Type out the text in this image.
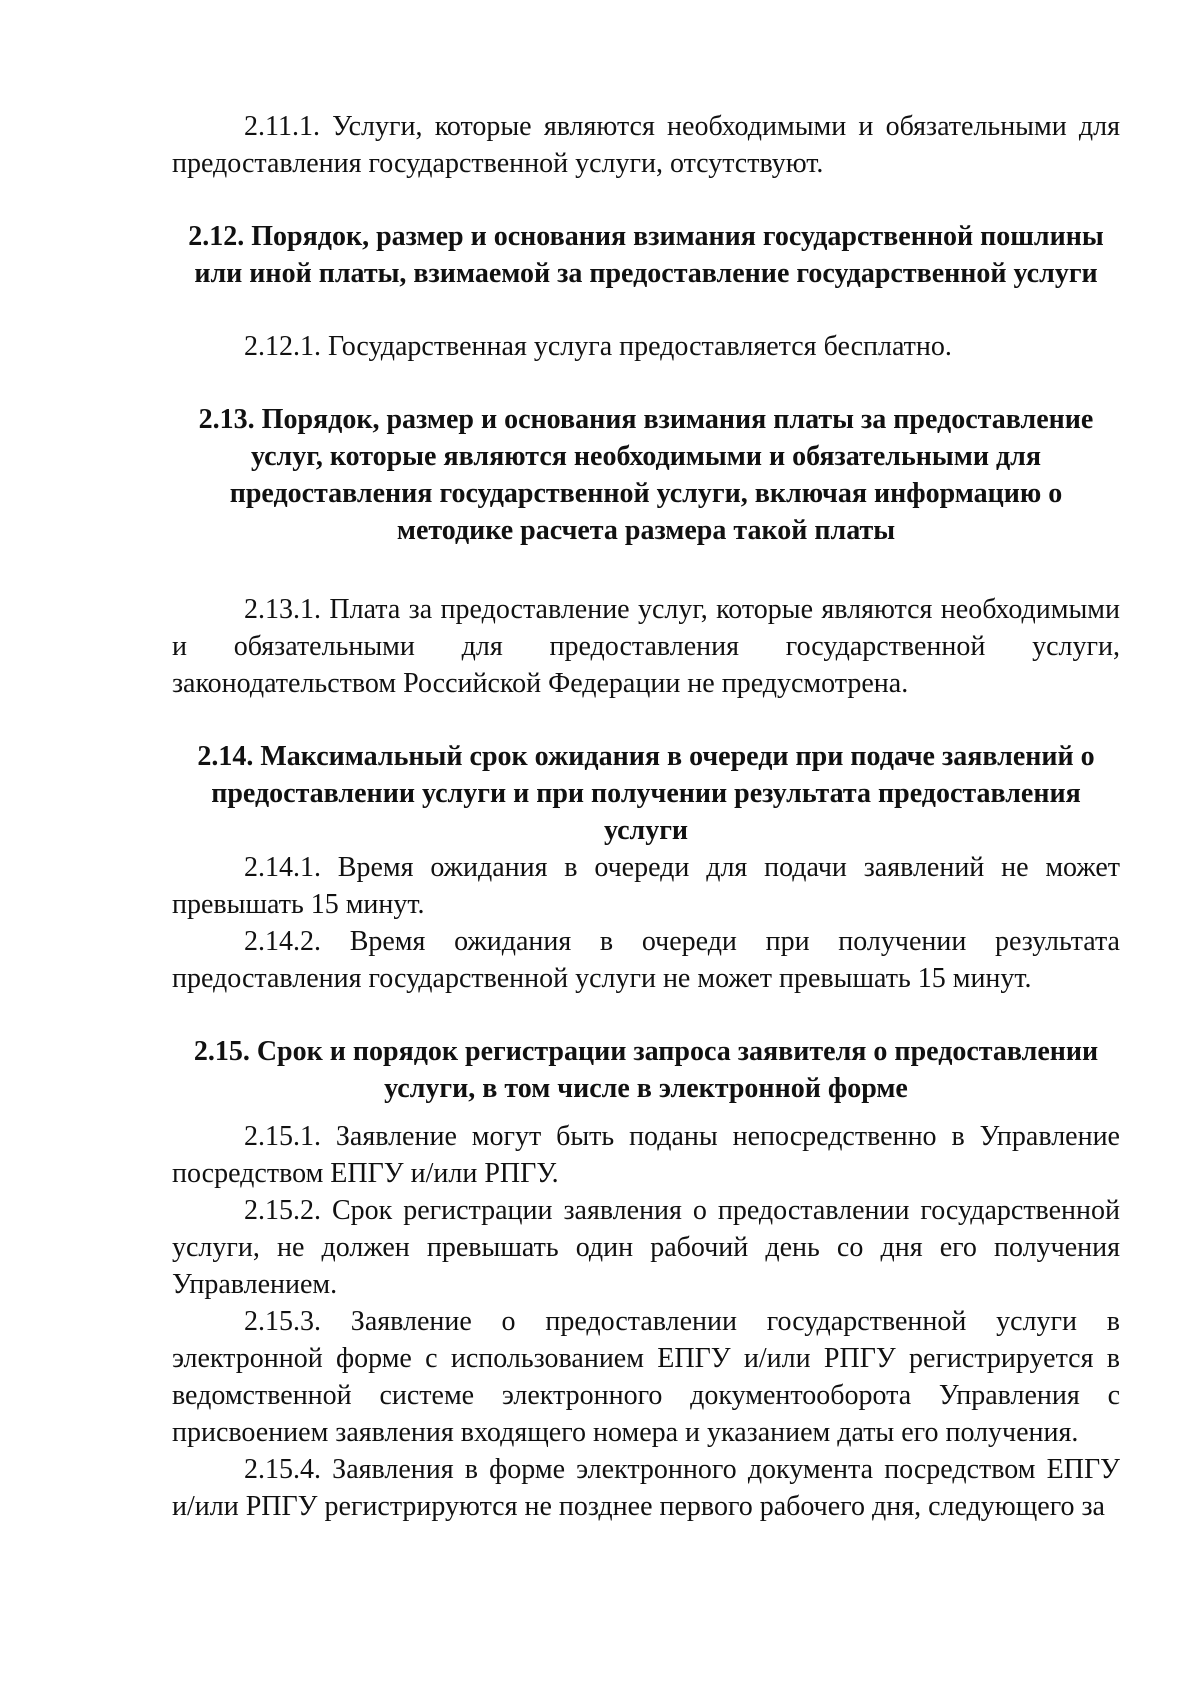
2.11.1. Услуги, которые являются необходимыми и обязательными для предоставления государственной услуги, отсутствуют.

2.12. Порядок, размер и основания взимания государственной пошлины или иной платы, взимаемой за предоставление государственной услуги

2.12.1. Государственная услуга предоставляется бесплатно.

2.13. Порядок, размер и основания взимания платы за предоставление услуг, которые являются необходимыми и обязательными для предоставления государственной услуги, включая информацию о методике расчета размера такой платы

2.13.1. Плата за предоставление услуг, которые являются необходимыми и обязательными для предоставления государственной услуги, законодательством Российской Федерации не предусмотрена.

2.14. Максимальный срок ожидания в очереди при подаче заявлений о предоставлении услуги и при получении результата предоставления услуги

2.14.1. Время ожидания в очереди для подачи заявлений не может превышать 15 минут.

2.14.2. Время ожидания в очереди при получении результата предоставления государственной услуги не может превышать 15 минут.

2.15. Срок и порядок регистрации запроса заявителя о предоставлении услуги, в том числе в электронной форме

2.15.1. Заявление могут быть поданы непосредственно в Управление посредством ЕПГУ и/или РПГУ.

2.15.2. Срок регистрации заявления о предоставлении государственной услуги, не должен превышать один рабочий день со дня его получения Управлением.

2.15.3. Заявление о предоставлении государственной услуги в электронной форме с использованием ЕПГУ и/или РПГУ регистрируется в ведомственной системе электронного документооборота Управления с присвоением заявления входящего номера и указанием даты его получения.

2.15.4. Заявления в форме электронного документа посредством ЕПГУ и/или РПГУ регистрируются не позднее первого рабочего дня, следующего за
